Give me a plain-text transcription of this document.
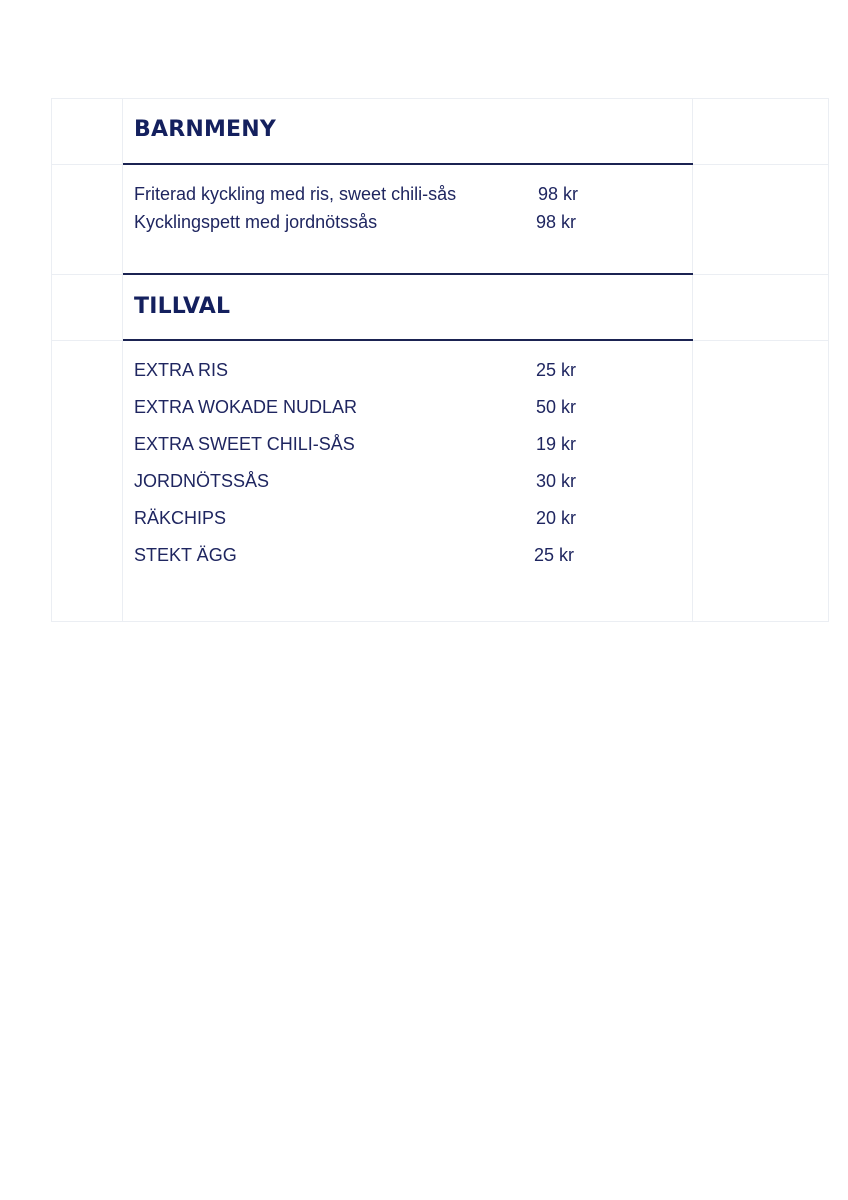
BARNMENY
Friterad kyckling med ris, sweet chili-sås	98 kr
Kycklingspett med jordnötssås	98 kr
TILLVAL
EXTRA RIS	25 kr
EXTRA WOKADE NUDLAR	50 kr
EXTRA SWEET CHILI-SÅS	19 kr
JORDNÖTSSÅS	30 kr
RÄKCHIPS	20 kr
STEKT ÄGG	25 kr
